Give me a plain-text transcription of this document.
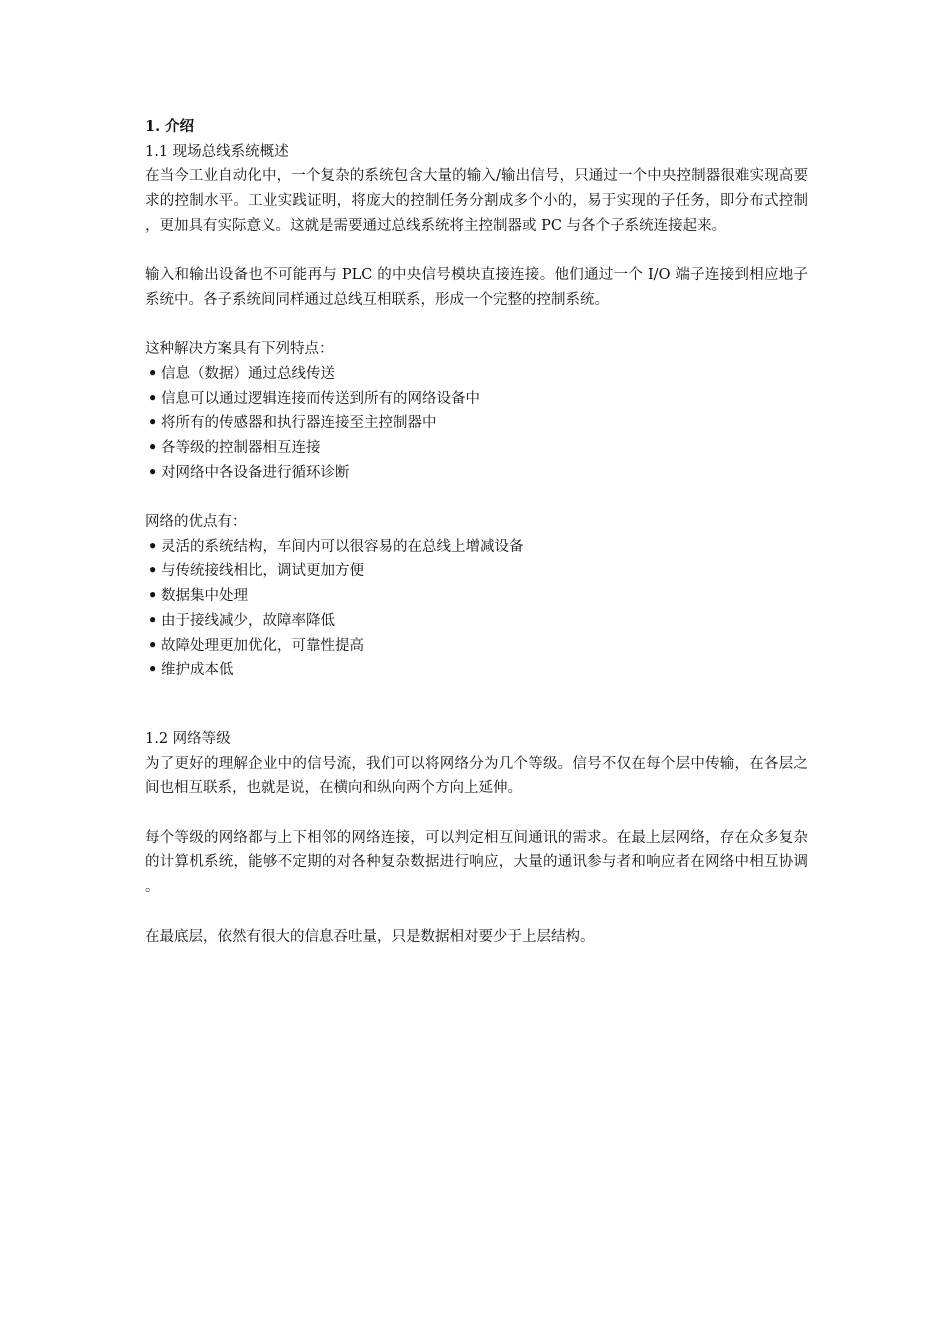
1. 介绍
1.1 现场总线系统概述

在当今工业自动化中，一个复杂的系统包含大量的输入/输出信号，只通过一个中央控制器很难实现高要求的控制水平。工业实践证明，将庞大的控制任务分割成多个小的，易于实现的子任务，即分布式控制，更加具有实际意义。这就是需要通过总线系统将主控制器或 PC 与各个子系统连接起来。

输入和输出设备也不可能再与 PLC 的中央信号模块直接连接。他们通过一个 I/O 端子连接到相应地子系统中。各子系统间同样通过总线互相联系，形成一个完整的控制系统。

这种解决方案具有下列特点：
• 信息（数据）通过总线传送
• 信息可以通过逻辑连接而传送到所有的网络设备中
• 将所有的传感器和执行器连接至主控制器中
• 各等级的控制器相互连接
• 对网络中各设备进行循环诊断
网络的优点有：
• 灵活的系统结构，车间内可以很容易的在总线上增减设备
• 与传统接线相比，调试更加方便
• 数据集中处理
• 由于接线减少，故障率降低
• 故障处理更加优化，可靠性提高
• 维护成本低
1.2 网络等级

为了更好的理解企业中的信号流，我们可以将网络分为几个等级。信号不仅在每个层中传输，在各层之间也相互联系，也就是说，在横向和纵向两个方向上延伸。

每个等级的网络都与上下相邻的网络连接，可以判定相互间通讯的需求。在最上层网络，存在众多复杂的计算机系统，能够不定期的对各种复杂数据进行响应，大量的通讯参与者和响应者在网络中相互协调。

在最底层，依然有很大的信息吞吐量，只是数据相对要少于上层结构。
